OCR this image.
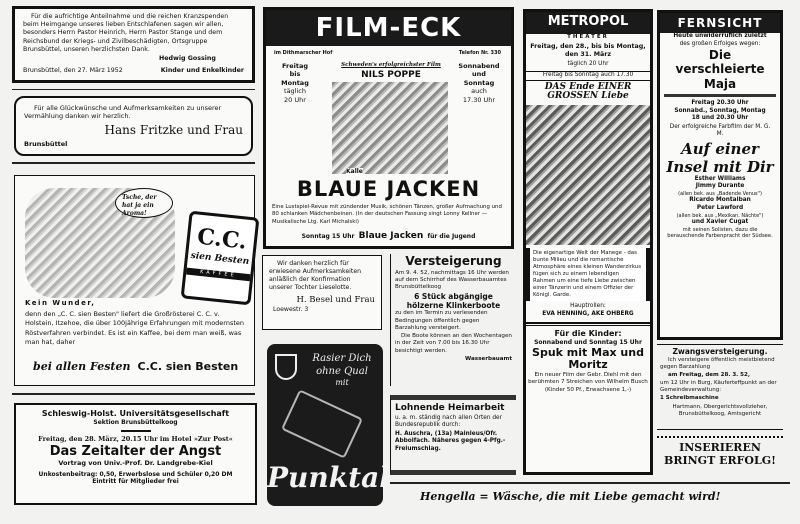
Für die aufrichtige Anteilnahme und die reichen Kranzspenden beim Heimgange unseres lieben Entschlafenen sagen wir allen, besonders Herrn Pastor Heinrich, Herrn Pastor Stange und dem Reichsbund der Kriegs- und Zivilbeschädigten, Ortsgruppe Brunsbüttel, unseren herzlichsten Dank.

Hedwig Gossing
Brunsbüttel, den 27. März 1952	Kinder und Enkelkinder

Für alle Glückwünsche und Aufmerksamkeiten zu unserer Vermählung danken wir herzlich.

Hans Fritzke und Frau
Brunsbüttel
Tsche, der hat ja ein Aroma!
C.C.
sien Besten
KAFFEE
Kein Wunder,
denn den „C. C. sien Besten" liefert die Großrösterei C. C. v. Holstein, Itzehoe, die über 100jährige Erfahrungen mit modernsten Röstverfahren verbindet. Es ist ein Kaffee, bei dem man weiß, was man hat, daher
bei allen Festen C.C. sien Besten
Schleswig-Holst. Universitätsgesellschaft
Sektion Brunsbüttelkoog
Freitag, den 28. März, 20.15 Uhr im Hotel »Zur Post«
Das Zeitalter der Angst
Vortrag von Univ.-Prof. Dr. Landgrebe-Kiel
Unkostenbeitrag: 0,50, Erwerbslose und Schüler 0,20 DM
Eintritt für Mitglieder frei
FILM-ECK
im Dithmarscher Hof	Telefon Nr. 330
Freitag
bis
Montag
täglich
20 Uhr
Sonnabend
und
Sonntag
auch
17.30 Uhr
Schweden's erfolgreichster Film
NILS POPPE
Kalle
BLAUE JACKEN
Eine Lustspiel-Revue mit zündender Musik, schönen Tänzen, großer Aufmachung und 80 schlanken Mädchenbeinen. (In der deutschen Fassung singt Lonny Kellner — Musikalische Ltg. Karl Michalski)
Sonntag 15 Uhr Blaue Jacken für die Jugend

Wir danken herzlich für erwiesene Aufmerksamkeiten anläßlich der Konfirmation unserer Tochter Lieselotte.

H. Besel und Frau
Loewestr. 3
Rasier Dich
ohne Qual
mit
Punktal
Versteigerung

Am 9. 4. 52, nachmittags 16 Uhr werden auf dem Schirrhof des Wasserbauamtes Brunsbüttelkoog

6 Stück abgängige hölzerne Klinkerboote

zu den im Termin zu verlesenden Bedingungen öffentlich gegen Barzahlung versteigert.

Die Boote können an den Wochentagen in der Zeit von 7.00 bis 16.30 Uhr besichtigt werden.

Wasserbauamt
Lohnende Heimarbeit

u. a. m. ständig nach allen Orten der Bundesrepublik durch:

H. Auschra, (13a) Mainleus/Ofr. Abboifach. Näheres gegen 4-Pfg.-Freiumschlag.

METROPOL
THEATER
Freitag, den 28., bis bis Montag, den 31. März
täglich 20 Uhr
Freitag bis Sonntag auch 17.30
DAS Ende EINER GROSSEN Liebe
Die eigenartige Welt der Manege - das bunte Milieu und die romantische Atmosphäre eines kleinen Wanderzirkus fügen sich zu einem lebendigen Rahmen um eine tiefe Liebe zwischen einer Tänzerin und einem Offizier der Königl. Garde.
Hauptrollen:
EVA HENNING, AKE OHBERG
Für die Kinder:
Sonnabend und Sonntag 15 Uhr
Spuk mit Max und Moritz
Ein neuer Film der Gebr. Diehl mit den berühmten 7 Streichen von Wilhelm Busch
(Kinder 50 Pf., Erwachsene 1,-)
FERNSICHT
Heute unwiderruflich zuletzt
des großen Erfolges wegen:
Die verschleierte Maja
Freitag 20.30 Uhr
Sonnabd., Sonntag, Montag
18 und 20.30 Uhr
Der erfolgreiche Farbfilm der M. G. M.
Auf einer Insel mit Dir
Esther Williams
Jimmy Durante
(allen bek. aus „Badende Venus")
Ricardo Montalban
Peter Lawford
(allen bek. aus „Mexikan. Nächte")
und Xavier Cugat
mit seinen Solisten, dazu die berauschende Farbenpracht der Südsee.
Zwangsversteigerung.

Ich versteigere öffentlich meistbietend gegen Barzahlung

am Freitag, dem 28. 3. 52,

um 12 Uhr in Burg, Käuferteffpunkt an der Gemeindeverwaltung:

1 Schreibmaschine

Hartmann, Obergerichtsvollzieher, Brunsbüttelkoog, Amtsgericht

INSERIEREN
BRINGT ERFOLG!
Hengella = Wäsche, die mit Liebe gemacht wird!
